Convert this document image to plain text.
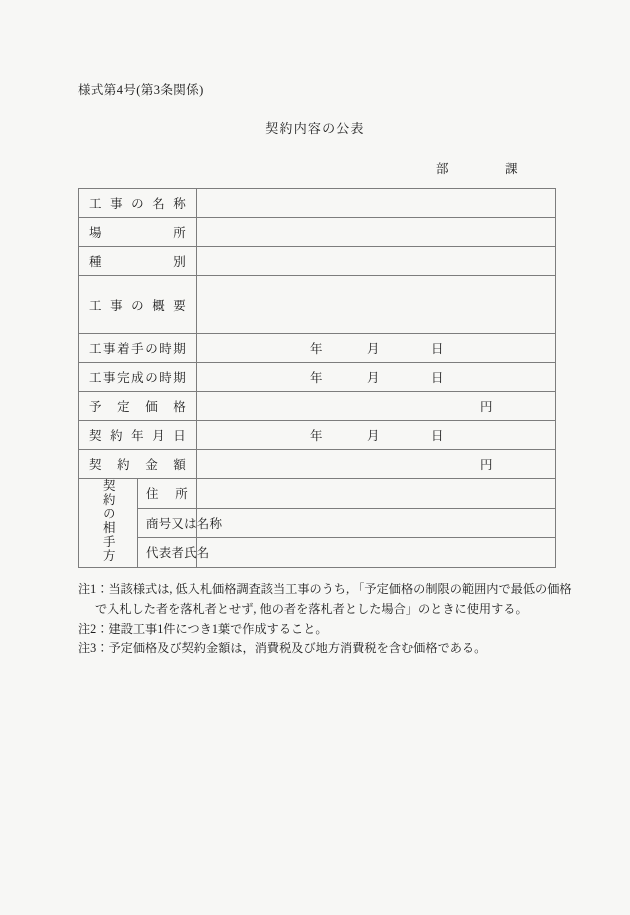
様式第4号(第3条関係)
契約内容の公表
部	課
工事の名称		

場所		

種別		

工事の概要		

工事着手の時期		年 月 日

工事完成の時期		年 月 日

予定価格		円

契約年月日		年 月 日

契約金額		円

契約の相手方	住所	

	商号又は名称	

	代表者氏名	

注1：当該様式は, 低入札価格調査該当工事のうち, 「予定価格の制限の範囲内で最低の価格
で入札した者を落札者とせず, 他の者を落札者とした場合」のときに使用する。
注2：建設工事1件につき1葉で作成すること。
注3：予定価格及び契約金額は，消費税及び地方消費税を含む価格である。
